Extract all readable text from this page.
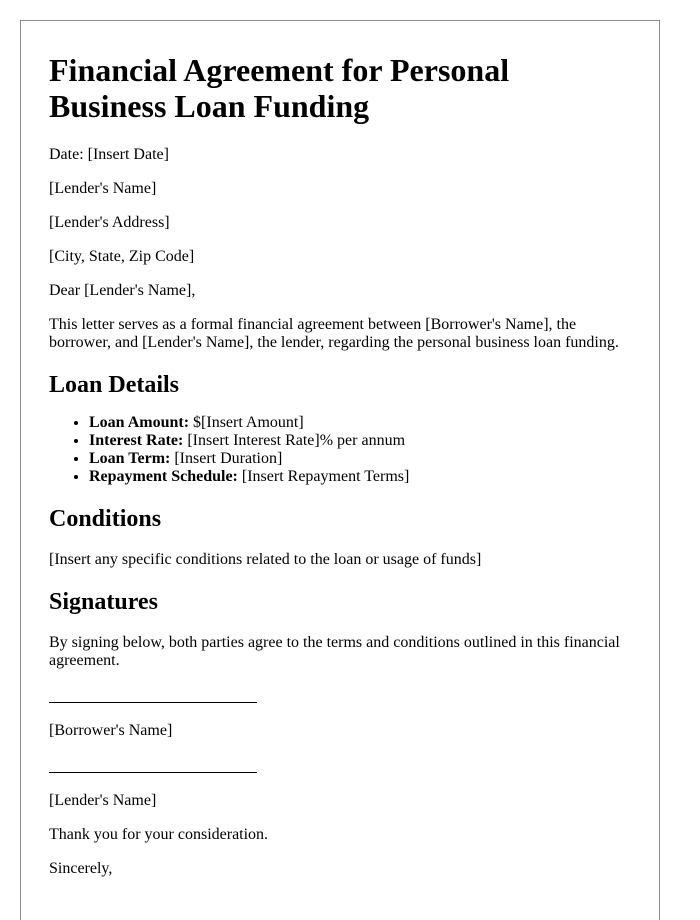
Financial Agreement for Personal Business Loan Funding

Date: [Insert Date]

[Lender's Name]

[Lender's Address]

[City, State, Zip Code]

Dear [Lender's Name],

This letter serves as a formal financial agreement between [Borrower's Name], the borrower, and [Lender's Name], the lender, regarding the personal business loan funding.

Loan Details
• Loan Amount: $[Insert Amount]
• Interest Rate: [Insert Interest Rate]% per annum
• Loan Term: [Insert Duration]
• Repayment Schedule: [Insert Repayment Terms]
Conditions

[Insert any specific conditions related to the loan or usage of funds]

Signatures

By signing below, both parties agree to the terms and conditions outlined in this financial agreement.

[Borrower's Name]

[Lender's Name]

Thank you for your consideration.

Sincerely,
